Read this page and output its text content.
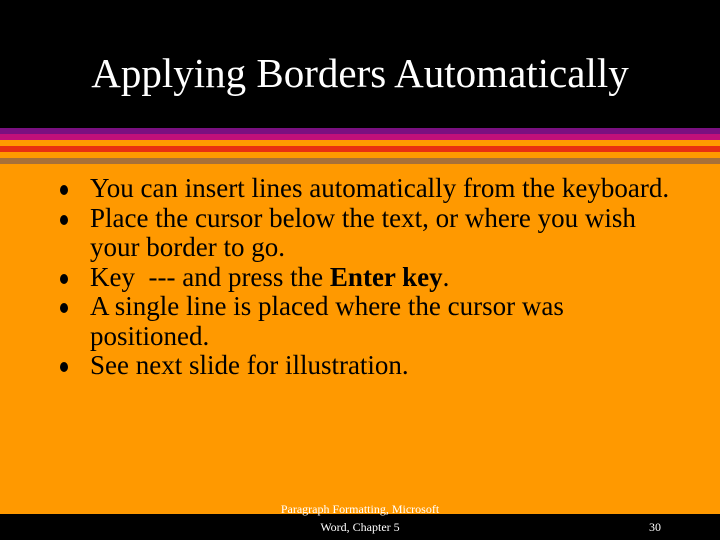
Applying Borders Automatically
You can insert lines automatically from the keyboard.
Place the cursor below the text, or where you wish your border to go.
Key  --- and press the Enter key.
A single line is placed where the cursor was positioned.
See next slide for illustration.
Paragraph Formatting, Microsoft
Word, Chapter 5	30
